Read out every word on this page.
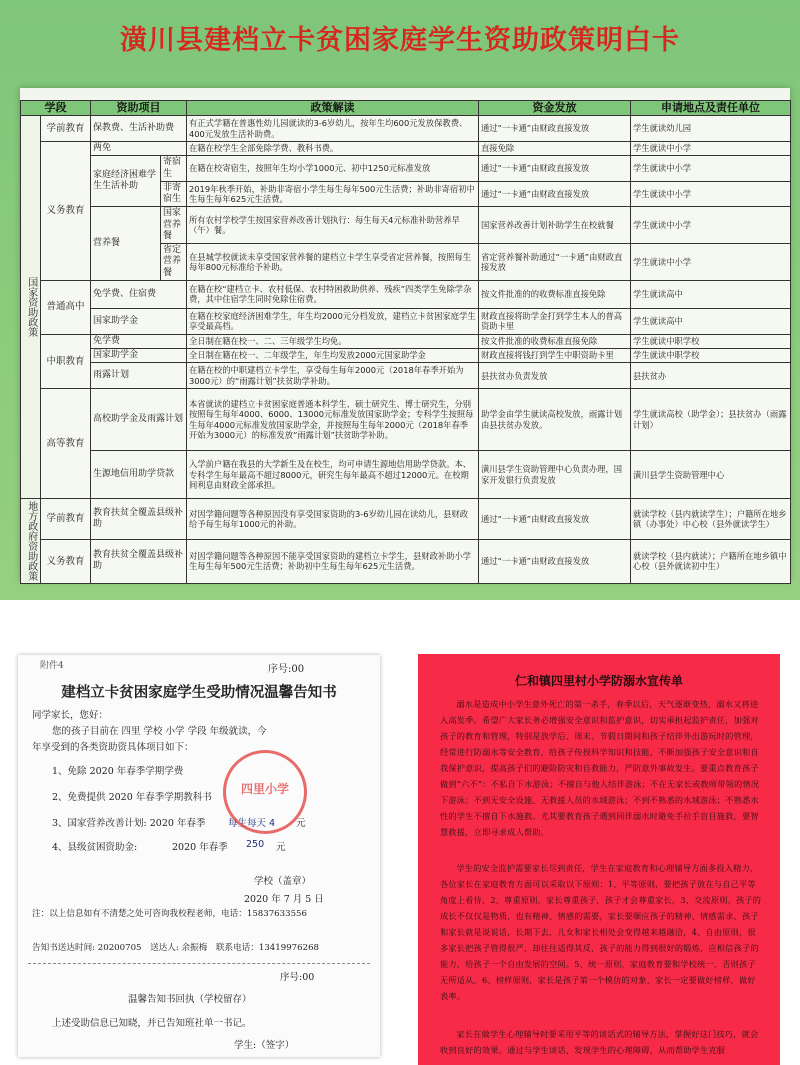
潢川县建档立卡贫困家庭学生资助政策明白卡
学段		资助项目		政策解读	资金发放	申请地点及责任单位
国家资助政策	学前教育	保教费、生活补助费		有正式学籍在普惠性幼儿园就读的3-6岁幼儿，按年生均600元发放保教费、400元发放生活补助费。	通过“一卡通”由财政直接发放	学生就读幼儿园
	义务教育	两免		在籍在校学生全部免除学费、教科书费。	直接免除	学生就读中小学
		家庭经济困难学生生活补助	寄宿生	在籍在校寄宿生，按照年生均小学1000元、初中1250元标准发放	通过“一卡通”由财政直接发放	学生就读中小学
			非寄宿生	2019年秋季开始，补助非寄宿小学生每生每年500元生活费；补助非寄宿初中生每生每年625元生活费。	通过“一卡通”由财政直接发放	学生就读中小学
		营养餐	国家营养餐	所有农村学校学生按国家营养改善计划执行：每生每天4元标准补助营养早（午）餐。	国家营养改善计划补助学生在校就餐	学生就读中小学
			省定营养餐	在县城学校就读未享受国家营养餐的建档立卡学生享受省定营养餐，按照每生每年800元标准给予补助。	省定营养餐补助通过“一卡通”由财政直接发放	学生就读中小学
	普通高中	免学费、住宿费		在籍在校“建档立卡、农村低保、农村特困救助供养、残疾”四类学生免除学杂费，其中住宿学生同时免除住宿费。	按文件批准的的收费标准直接免除	学生就读高中
		国家助学金		在籍在校家庭经济困难学生，年生均2000元分档发放，建档立卡贫困家庭学生享受最高档。	财政直接将助学金打到学生本人的普高资助卡里	学生就读高中
	中职教育	免学费		全日制在籍在校一、二、三年级学生均免。	按文件批准的收费标准直接免除	学生就读中职学校
		国家助学金		全日制在籍在校一、二年级学生，年生均发放2000元国家助学金	财政直接将钱打到学生中职资助卡里	学生就读中职学校
		雨露计划		在籍在校的中职建档立卡学生，享受每生每年2000元（2018年春季开始为3000元）的“雨露计划”扶贫助学补助。	县扶贫办负责发放	县扶贫办
	高等教育	高校助学金及雨露计划		本省就读的建档立卡贫困家庭普通本科学生、硕士研究生、博士研究生，分别按照每生每年4000、6000、13000元标准发放国家助学金；专科学生按照每生每年4000元标准发放国家助学金，并按照每生每年2000元（2018年春季开始为3000元）的标准发放“雨露计划”扶贫助学补助。	助学金由学生就读高校发放，雨露计划由县扶贫办发放。	学生就读高校（助学金）；县扶贫办（雨露计划）
		生源地信用助学贷款		入学前户籍在我县的大学新生及在校生，均可申请生源地信用助学贷款。本、专科学生每年最高不超过8000元，研究生每年最高不超过12000元。在校期间利息由财政全部承担。	潢川县学生资助管理中心负责办理，国家开发银行负责发放	潢川县学生资助管理中心
地方政府资助政策	学前教育	教育扶贫全覆盖县级补助		对因学籍问题等各种原因没有享受国家资助的3-6岁幼儿园在读幼儿，县财政给予每生每年1000元的补助。	通过“一卡通”由财政直接发放	就读学校（县内就读学生）；户籍所在地乡镇（办事处）中心校（县外就读学生）
	义务教育	教育扶贫全覆盖县级补助		对因学籍问题等各种原因不能享受国家资助的建档立卡学生，县财政补助小学生每生每年500元生活费；补助初中生每生每年625元生活费。	通过“一卡通”由财政直接发放	就读学校（县内就读）；户籍所在地乡镇中心校（县外就读初中生）
附件4	序号:00
建档立卡贫困家庭学生受助情况温馨告知书
同学家长，您好：
您的孩子目前在 四里 学校 小学 学段 年级就读，今
年享受到的各类资助资具体项目如下：
1、免除 2020 年春季学期学费
2、免费提供 2020 年春季学期教科书
3、国家营养改善计划: 2020 年春季 每生每天 4 元
4、县级贫困资助金:	2020 年春季 250 元
学校（盖章）
2020 年 7 月 5 日
注：以上信息如有不清楚之处可咨询我校程老师，电话：15837633556
告知书送达时间: 20200705　送达人: 余振梅　联系电话：13419976268
序号:00
温馨告知书回执（学校留存）
上述受助信息已知晓，并已告知班社单一书记。
学生:（签字）
四里小学
仁和镇四里村小学防溺水宣传单
溺水是造成中小学生意外死亡的第一杀手，春季以后，天气逐渐变热，溺水又将进入高发季。希望广大家长务必增强安全意识和监护意识，切实承担起监护责任，加强对孩子的教育和管理，特别是放学后、周末、节假日期间和孩子结伴外出游玩时的管理，经常进行防溺水等安全教育，给孩子传授科学知识和技能，不断加强孩子安全意识和自我保护意识，提高孩子们的避险防灾和自救能力，严防意外事故发生。要重点教育孩子做到“六不”：不私自下水游泳；不擅自与他人结伴游泳；不在无家长或教师带领的情况下游泳；不到无安全设施、无救援人员的水域游泳；不到不熟悉的水域游泳；不熟悉水性的学生不擅自下水施救。尤其要教育孩子遇到同伴溺水时避免手拉手盲目施救，要智慧救援，立即寻求成人帮助。
学生的安全监护需要家长尽到责任，学生在家庭教育和心理辅导方面多投入精力，各位家长在家庭教育方面可以采取以下原则：1、平等原则，要把孩子放在与自己平等角度上看待，2、尊重原则，家长尊重孩子，孩子才会尊重家长，3、交流原则，孩子的成长不仅仅是物质，也有精神、情感的需要，家长要顺应孩子的精神、情感需求，孩子和家长就是说说话，长期下去，儿女和家长相处会变得越来越融洽，4、自由原则，很多家长把孩子管得很严，却往往适得其反，孩子的能力得到很好的锻炼，应相信孩子的能力，给孩子一个自由发展的空间。5、统一原则，家庭教育要和学校统一，否则孩子无所适从，6、榜样原则，家长是孩子第一个模仿的对象，家长一定要做好榜样，做好表率。
家长在做学生心理辅导时要采用平等的谈话式的辅导方法，掌握好这门技巧，就会收到良好的效果。通过与学生谈话，发现学生的心理障碍，从而帮助学生克服
